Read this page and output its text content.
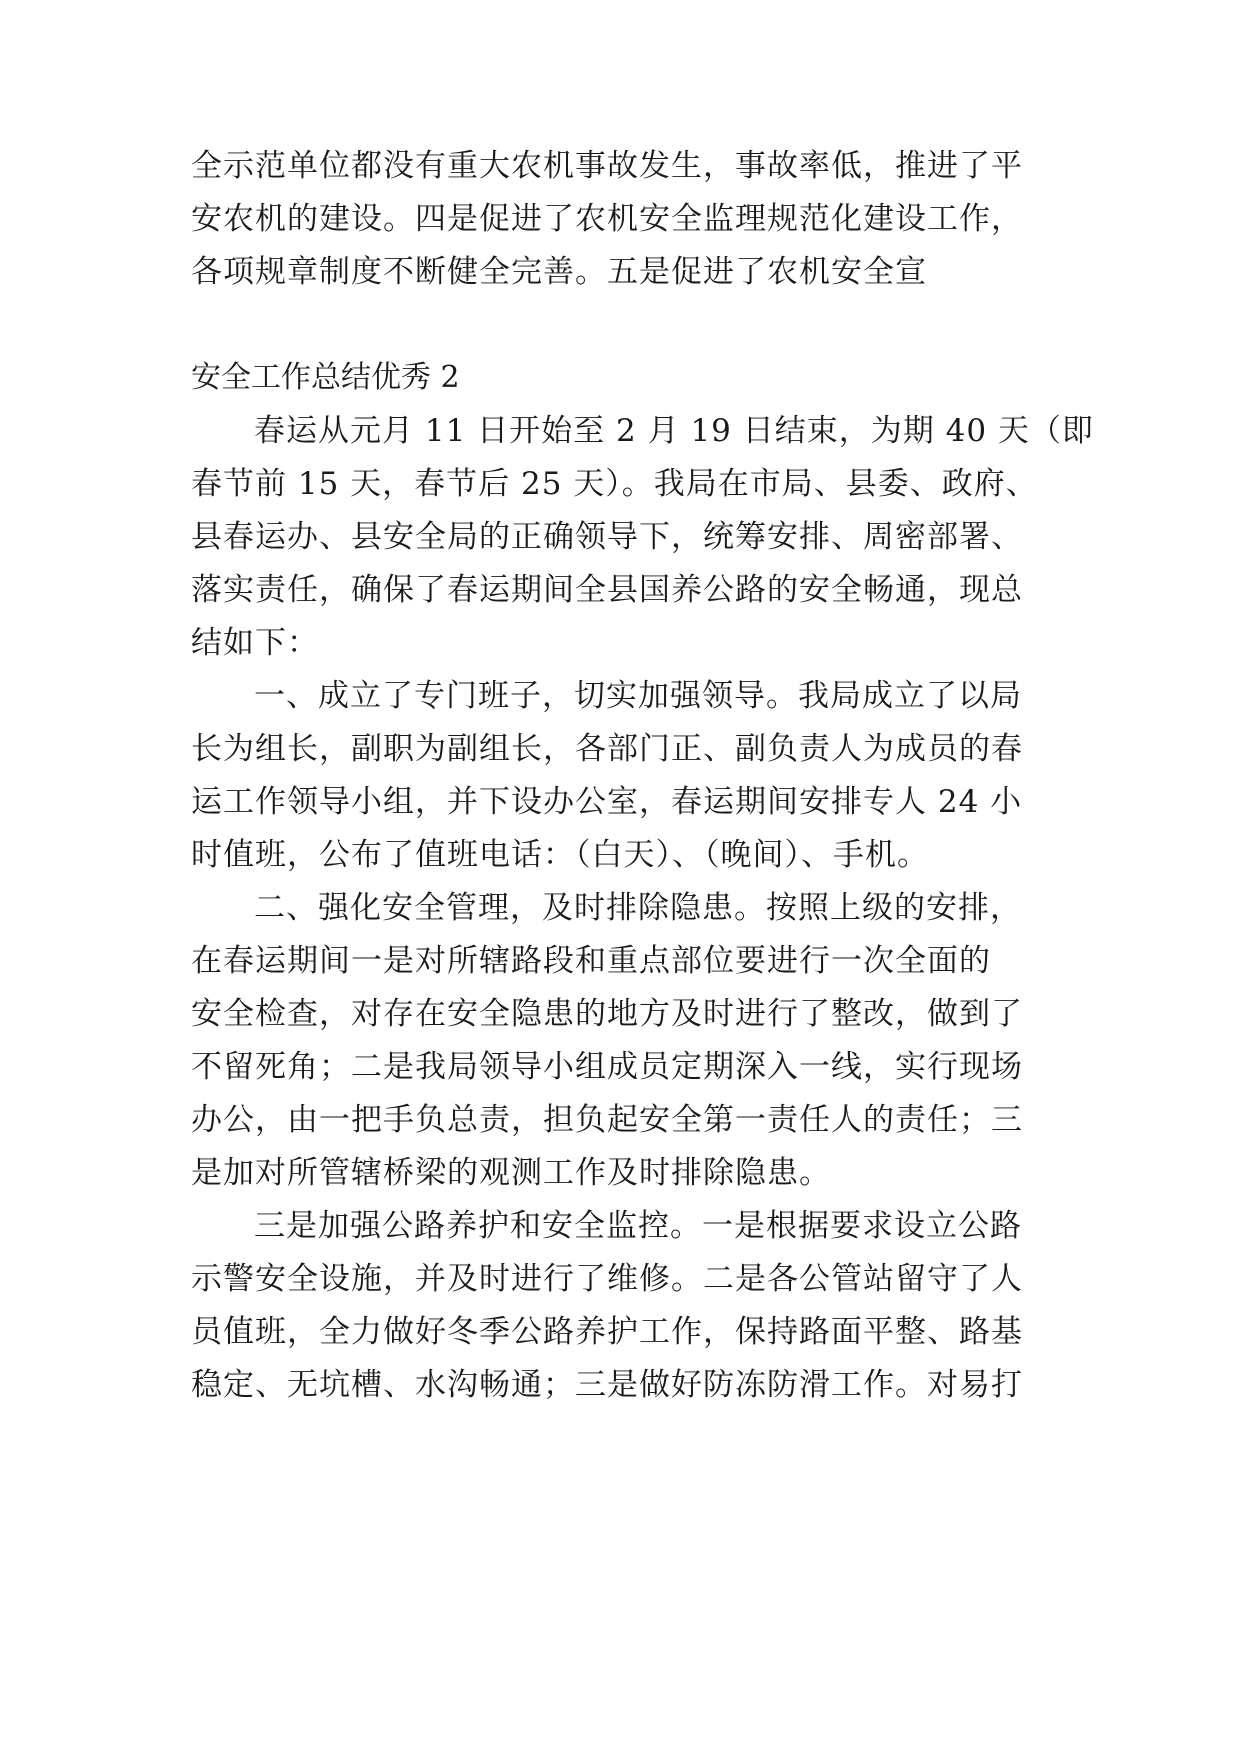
全示范单位都没有重大农机事故发生，事故率低，推进了平

安农机的建设。四是促进了农机安全监理规范化建设工作，

各项规章制度不断健全完善。五是促进了农机安全宣

安全工作总结优秀 2

春运从元月 11 日开始至 2 月 19 日结束，为期 40 天（即

春节前 15 天，春节后 25 天）。我局在市局、县委、政府、

县春运办、县安全局的正确领导下，统筹安排、周密部署、

落实责任，确保了春运期间全县国养公路的安全畅通，现总

结如下：

一、成立了专门班子，切实加强领导。我局成立了以局

长为组长，副职为副组长，各部门正、副负责人为成员的春

运工作领导小组，并下设办公室，春运期间安排专人 24 小

时值班，公布了值班电话：（白天）、（晚间）、手机。

二、强化安全管理，及时排除隐患。按照上级的安排，

在春运期间一是对所辖路段和重点部位要进行一次全面的

安全检查，对存在安全隐患的地方及时进行了整改，做到了

不留死角；二是我局领导小组成员定期深入一线，实行现场

办公，由一把手负总责，担负起安全第一责任人的责任；三

是加对所管辖桥梁的观测工作及时排除隐患。

三是加强公路养护和安全监控。一是根据要求设立公路

示警安全设施，并及时进行了维修。二是各公管站留守了人

员值班，全力做好冬季公路养护工作，保持路面平整、路基

稳定、无坑槽、水沟畅通；三是做好防冻防滑工作。对易打
